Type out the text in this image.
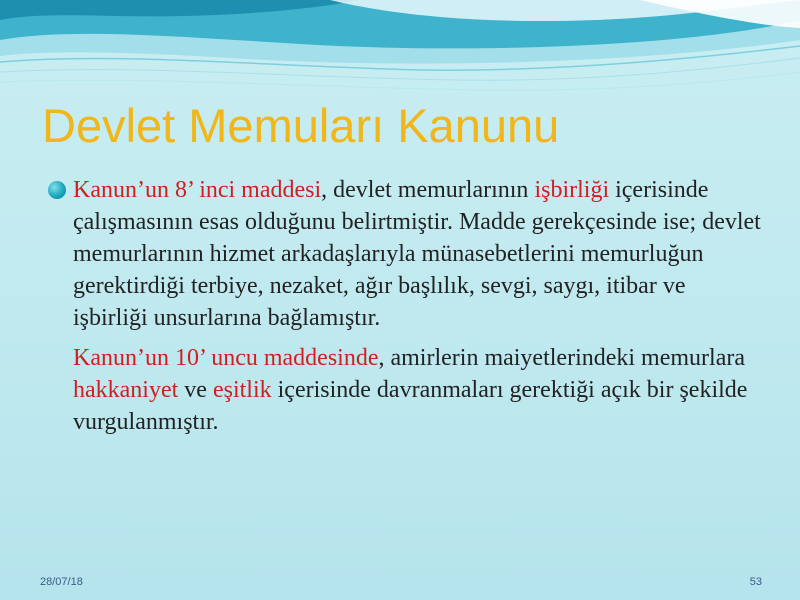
Devlet Memuları Kanunu

Kanun’un 8’ inci maddesi, devlet memurlarının işbirliği içerisinde çalışmasının esas olduğunu belirtmiştir. Madde gerekçesinde ise; devlet memurlarının hizmet arkadaşlarıyla münasebetlerini memurluğun gerektirdiği terbiye, nezaket, ağır başlılık, sevgi, saygı, itibar ve işbirliği unsurlarına bağlamıştır.

Kanun’un 10’ uncu maddesinde, amirlerin maiyetlerindeki memurlara hakkaniyet ve eşitlik içerisinde davranmaları gerektiği açık bir şekilde vurgulanmıştır.

28/07/18	53
